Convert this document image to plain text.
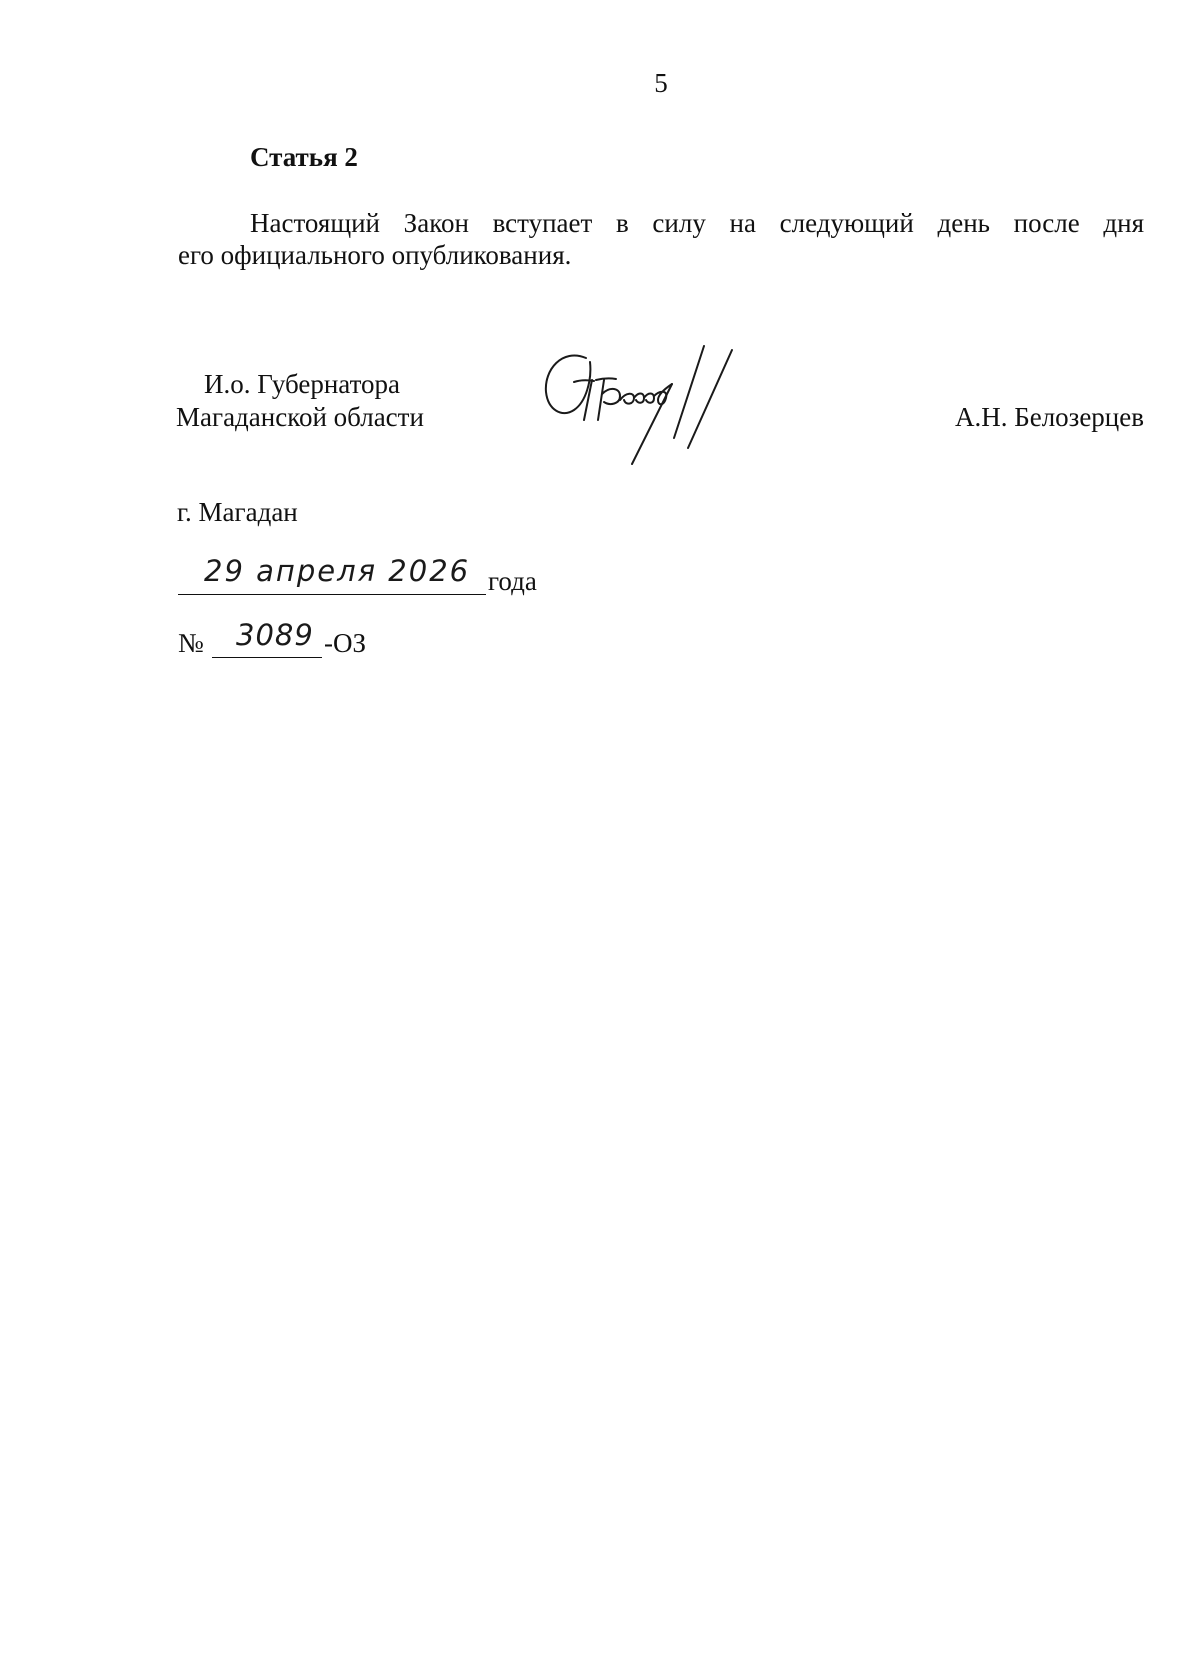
5
Статья 2

Настоящий Закон вступает в силу на следующий день после дня
его официального опубликования.

И.о. Губернатора
Магаданской области	А.Н. Белозерцев
г. Магадан
29 апреля 2026 года
№ 3089 -ОЗ
